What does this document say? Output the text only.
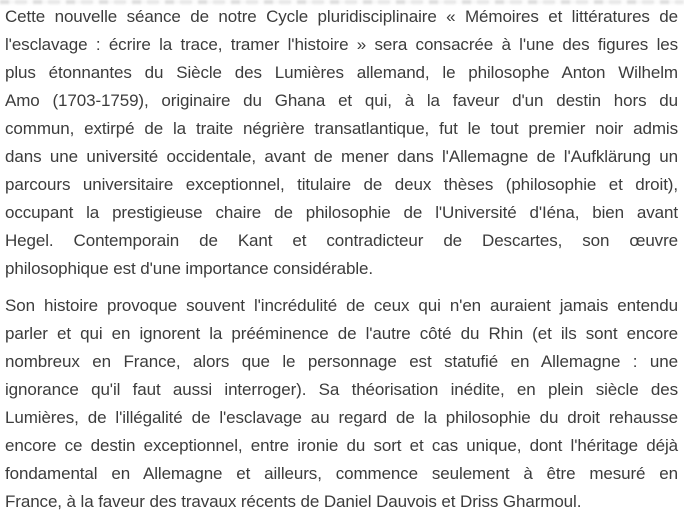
Cette nouvelle séance de notre Cycle pluridisciplinaire « Mémoires et littératures de
l'esclavage : écrire la trace, tramer l'histoire » sera consacrée à l'une des figures les
plus étonnantes du Siècle des Lumières allemand, le philosophe Anton Wilhelm
Amo (1703-1759), originaire du Ghana et qui, à la faveur d'un destin hors du
commun, extirpé de la traite négrière transatlantique, fut le tout premier noir admis
dans une université occidentale, avant de mener dans l'Allemagne de l'Aufklärung un
parcours universitaire exceptionnel, titulaire de deux thèses (philosophie et droit),
occupant la prestigieuse chaire de philosophie de l'Université d'Iéna, bien avant
Hegel. Contemporain de Kant et contradicteur de Descartes, son œuvre
philosophique est d'une importance considérable.
Son histoire provoque souvent l'incrédulité de ceux qui n'en auraient jamais entendu
parler et qui en ignorent la prééminence de l'autre côté du Rhin (et ils sont encore
nombreux en France, alors que le personnage est statufié en Allemagne : une
ignorance qu'il faut aussi interroger). Sa théorisation inédite, en plein siècle des
Lumières, de l'illégalité de l'esclavage au regard de la philosophie du droit rehausse
encore ce destin exceptionnel, entre ironie du sort et cas unique, dont l'héritage déjà
fondamental en Allemagne et ailleurs, commence seulement à être mesuré en
France, à la faveur des travaux récents de Daniel Dauvois et Driss Gharmoul.
